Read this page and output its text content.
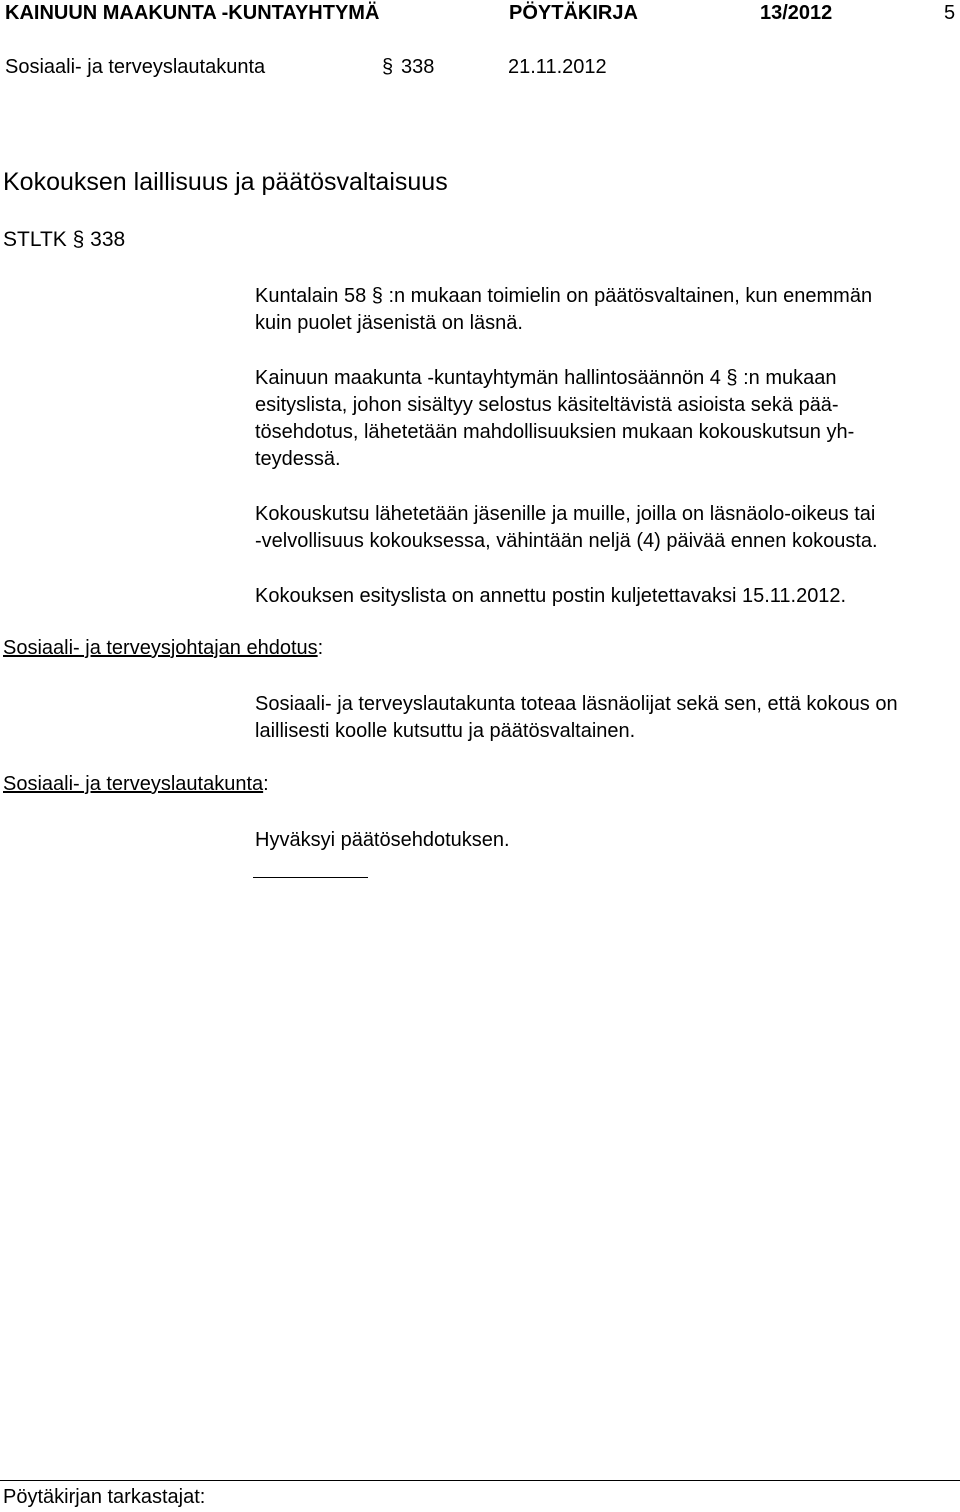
KAINUUN MAAKUNTA -KUNTAYHTYMÄ	PÖYTÄKIRJA	13/2012	5
Sosiaali- ja terveyslautakunta	§ 338	21.11.2012
Kokouksen laillisuus ja päätösvaltaisuus
STLTK § 338

Kuntalain 58 § :n mukaan toimielin on päätösvaltainen, kun enemmän

kuin puolet jäsenistä on läsnä.

Kainuun maakunta -kuntayhtymän hallintosäännön 4 § :n mukaan

esityslista, johon sisältyy selostus käsiteltävistä asioista sekä pää-

tösehdotus, lähetetään mahdollisuuksien mukaan kokouskutsun yh-

teydessä.

Kokouskutsu lähetetään jäsenille ja muille, joilla on läsnäolo-oikeus tai

-velvollisuus kokouksessa, vähintään neljä (4) päivää ennen kokousta.

Kokouksen esityslista on annettu postin kuljetettavaksi 15.11.2012.

Sosiaali- ja terveysjohtajan ehdotus:

Sosiaali- ja terveyslautakunta toteaa läsnäolijat sekä sen, että kokous on

laillisesti koolle kutsuttu ja päätösvaltainen.

Sosiaali- ja terveyslautakunta:

Hyväksyi päätösehdotuksen.

Pöytäkirjan tarkastajat:
